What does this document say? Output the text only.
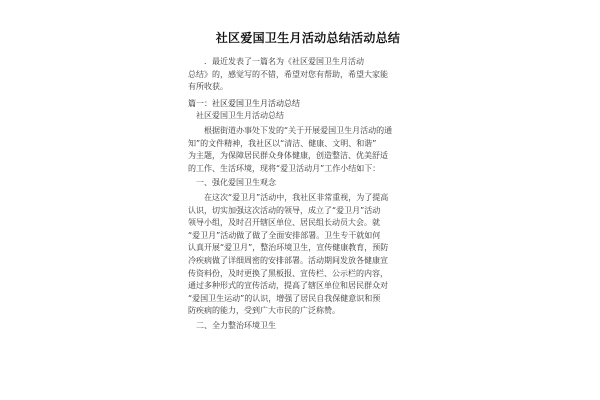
社区爱国卫生月活动总结活动总结
．最近发表了一篇名为《社区爱国卫生月活动
总结》的，感觉写的不错，希望对您有帮助，希望大家能
有所收获。
篇一：社区爱国卫生月活动总结
社区爱国卫生月活动总结
根据街道办事处下发的“关于开展爱国卫生月活动的通
知”的文件精神，我社区以“清洁、健康、文明、和谐”
为主题，为保障居民群众身体健康，创造整洁、优美舒适
的工作、生活环境，现将“爱卫活动月”工作小结如下：
一、强化爱国卫生观念
在这次“爱卫月”活动中，我社区非常重视，为了提高
认识，切实加强这次活动的领导，成立了“爱卫月”活动
领导小组，及时召开辖区单位、居民组长动员大会。就
“爱卫月”活动做了做了全面安排部署。卫生专干就如何
认真开展“爱卫月”，整治环境卫生，宣传健康教育，预防
冷疾病做了详细周密的安排部署。活动期间发放各健康宣
传资料份，及时更换了黑板报、宣传栏、公示栏的内容，
通过多种形式的宣传活动，提高了辖区单位和居民群众对
“爱国卫生运动”的认识，增强了居民自我保健意识和预
防疾病的能力，受到广大市民的广泛称赞。
二、全力整治环境卫生
